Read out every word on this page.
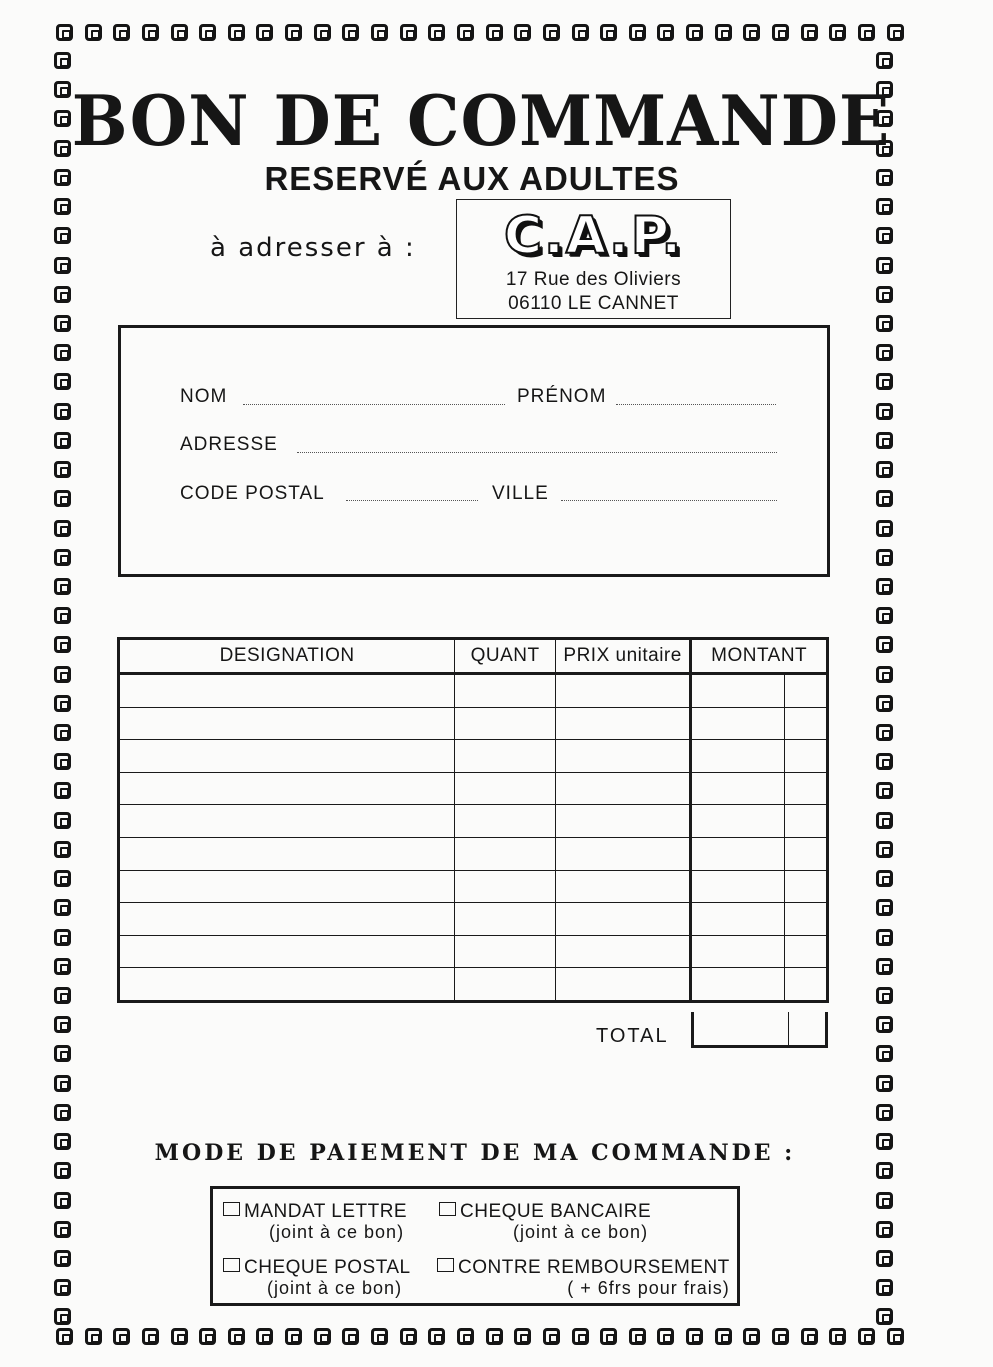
BON DE COMMANDE
RESERVÉ AUX ADULTES
à adresser à :	C.A.P.
17 Rue des Oliviers
06110 LE CANNET
NOM	PRÉNOM
ADRESSE
CODE POSTAL	VILLE
DESIGNATION	QUANT	PRIX unitaire	MONTANT	

TOTAL
MODE DE PAIEMENT DE MA COMMANDE :
MANDAT LETTRE
(joint à ce bon)
CHEQUE BANCAIRE
(joint à ce bon)
CHEQUE POSTAL
(joint à ce bon)
CONTRE REMBOURSEMENT
( + 6frs pour frais)
